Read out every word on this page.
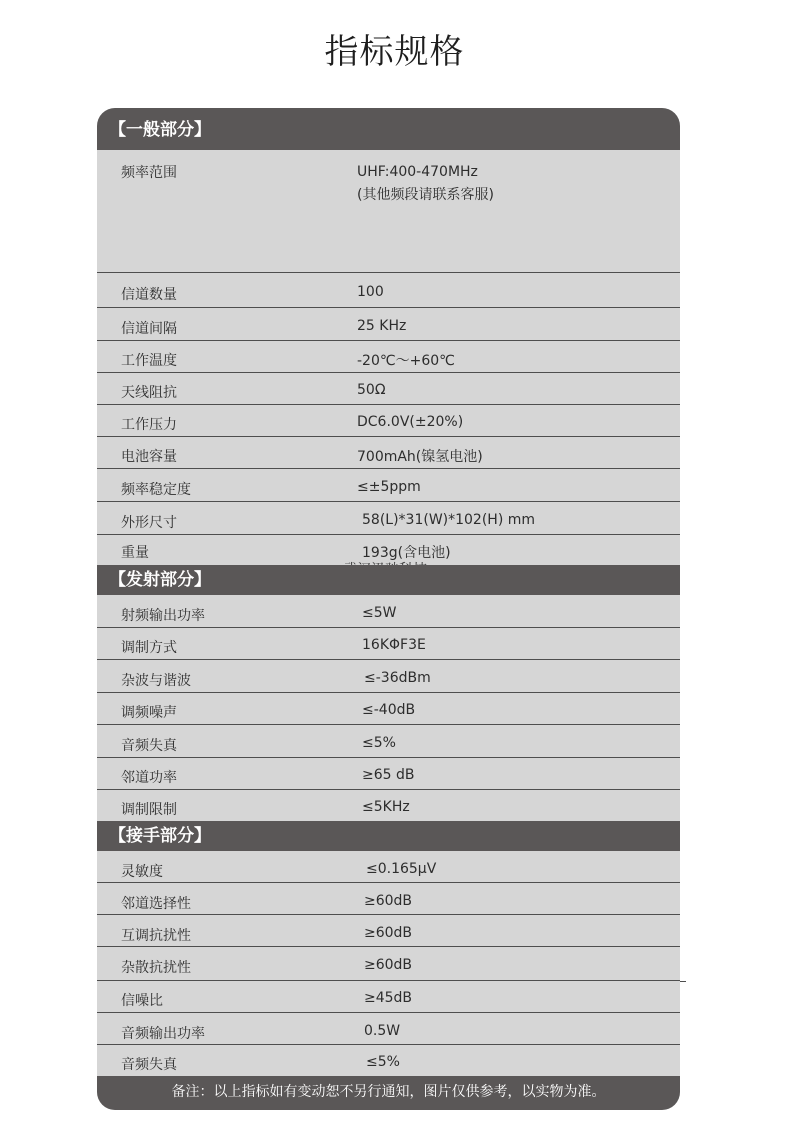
指标规格
【一般部分】
频率范围	UHF:400-470MHz
(其他频段请联系客服)
信道数量	100
信道间隔	25 KHz
工作温度	-20℃～+60℃
天线阻抗	50Ω
工作压力	DC6.0V(±20%)
电池容量	700mAh(镍氢电池)
频率稳定度	≤±5ppm
外形尺寸	58(L)*31(W)*102(H) mm
重量	193g(含电池)
【发射部分】
射频输出功率	≤5W
调制方式	16KΦF3E
杂波与谐波	≤-36dBm
调频噪声	≤-40dB
音频失真	≤5%
邻道功率	≥65 dB
调制限制	≤5KHz
【接手部分】
灵敏度	≤0.165μV
邻道选择性	≥60dB
互调抗扰性	≥60dB
杂散抗扰性	≥60dB
信噪比	≥45dB
音频输出功率	0.5W
音频失真	≤5%
备注：以上指标如有变动恕不另行通知，图片仅供参考，以实物为准。
